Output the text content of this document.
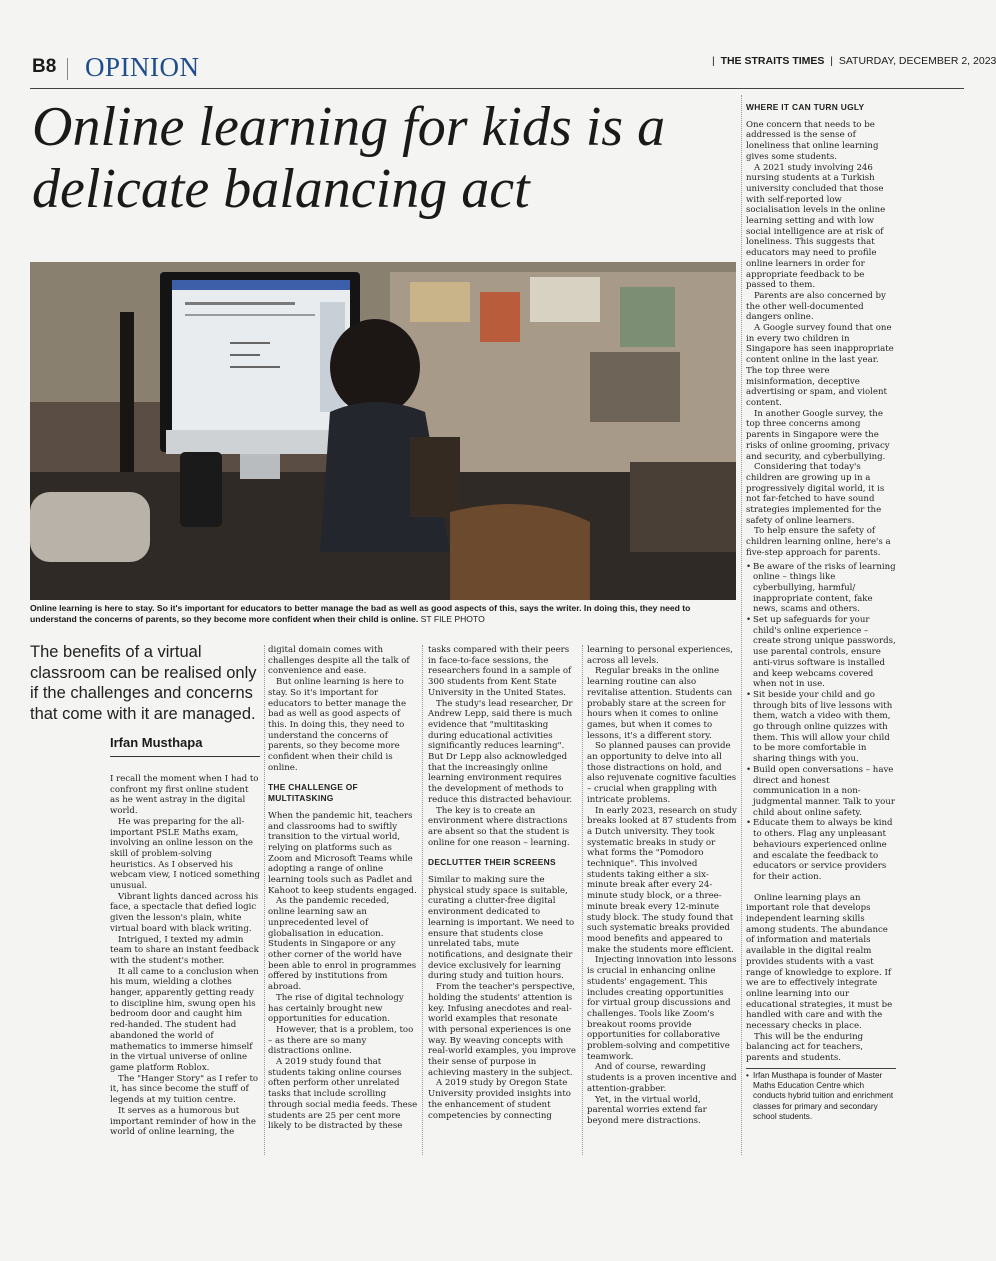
B8 OPINION	|  THE STRAITS TIMES  |  SATURDAY, DECEMBER 2, 2023
Online learning for kids is a delicate balancing act
Online learning is here to stay. So it's important for educators to better manage the bad as well as good aspects of this, says the writer. In doing this, they need to understand the concerns of parents, so they become more confident when their child is online. ST FILE PHOTO
The benefits of a virtual classroom can be realised only if the challenges and concerns that come with it are managed.
Irfan Musthapa

I recall the moment when I had to confront my first online student as he went astray in the digital world.

He was preparing for the all-important PSLE Maths exam, involving an online lesson on the skill of problem-solving heuristics. As I observed his webcam view, I noticed something unusual.

Vibrant lights danced across his face, a spectacle that defied logic given the lesson's plain, white virtual board with black writing.

Intrigued, I texted my admin team to share an instant feedback with the student's mother.

It all came to a conclusion when his mum, wielding a clothes hanger, apparently getting ready to discipline him, swung open his bedroom door and caught him red-handed. The student had abandoned the world of mathematics to immerse himself in the virtual universe of online game platform Roblox.

The "Hanger Story" as I refer to it, has since become the stuff of legends at my tuition centre.

It serves as a humorous but important reminder of how in the world of online learning, the

digital domain comes with challenges despite all the talk of convenience and ease.

But online learning is here to stay. So it's important for educators to better manage the bad as well as good aspects of this. In doing this, they need to understand the concerns of parents, so they become more confident when their child is online.

THE CHALLENGE OF MULTITASKING

When the pandemic hit, teachers and classrooms had to swiftly transition to the virtual world, relying on platforms such as Zoom and Microsoft Teams while adopting a range of online learning tools such as Padlet and Kahoot to keep students engaged.

As the pandemic receded, online learning saw an unprecedented level of globalisation in education. Students in Singapore or any other corner of the world have been able to enrol in programmes offered by institutions from abroad.

The rise of digital technology has certainly brought new opportunities for education.

However, that is a problem, too – as there are so many distractions online.

A 2019 study found that students taking online courses often perform other unrelated tasks that include scrolling through social media feeds. These students are 25 per cent more likely to be distracted by these

tasks compared with their peers in face-to-face sessions, the researchers found in a sample of 300 students from Kent State University in the United States.

The study's lead researcher, Dr Andrew Lepp, said there is much evidence that "multitasking during educational activities significantly reduces learning". But Dr Lepp also acknowledged that the increasingly online learning environment requires the development of methods to reduce this distracted behaviour.

The key is to create an environment where distractions are absent so that the student is online for one reason – learning.

DECLUTTER THEIR SCREENS

Similar to making sure the physical study space is suitable, curating a clutter-free digital environment dedicated to learning is important. We need to ensure that students close unrelated tabs, mute notifications, and designate their device exclusively for learning during study and tuition hours.

From the teacher's perspective, holding the students' attention is key. Infusing anecdotes and real-world examples that resonate with personal experiences is one way. By weaving concepts with real-world examples, you improve their sense of purpose in achieving mastery in the subject.

A 2019 study by Oregon State University provided insights into the enhancement of student competencies by connecting

learning to personal experiences, across all levels.

Regular breaks in the online learning routine can also revitalise attention. Students can probably stare at the screen for hours when it comes to online games, but when it comes to lessons, it's a different story.

So planned pauses can provide an opportunity to delve into all those distractions on hold, and also rejuvenate cognitive faculties – crucial when grappling with intricate problems.

In early 2023, research on study breaks looked at 87 students from a Dutch university. They took systematic breaks in study or what forms the "Pomodoro technique". This involved students taking either a six-minute break after every 24-minute study block, or a three-minute break every 12-minute study block. The study found that such systematic breaks provided mood benefits and appeared to make the students more efficient.

Injecting innovation into lessons is crucial in enhancing online students' engagement. This includes creating opportunities for virtual group discussions and challenges. Tools like Zoom's breakout rooms provide opportunities for collaborative problem-solving and competitive teamwork.

And of course, rewarding students is a proven incentive and attention-grabber.

Yet, in the virtual world, parental worries extend far beyond mere distractions.

WHERE IT CAN TURN UGLY

One concern that needs to be addressed is the sense of loneliness that online learning gives some students.

A 2021 study involving 246 nursing students at a Turkish university concluded that those with self-reported low socialisation levels in the online learning setting and with low social intelligence are at risk of loneliness. This suggests that educators may need to profile online learners in order for appropriate feedback to be passed to them.

Parents are also concerned by the other well-documented dangers online.

A Google survey found that one in every two children in Singapore has seen inappropriate content online in the last year. The top three were misinformation, deceptive advertising or spam, and violent content.

In another Google survey, the top three concerns among parents in Singapore were the risks of online grooming, privacy and security, and cyberbullying.

Considering that today's children are growing up in a progressively digital world, it is not far-fetched to have sound strategies implemented for the safety of online learners.

To help ensure the safety of children learning online, here's a five-step approach for parents.

• Be aware of the risks of learning online – things like cyberbullying, harmful/ inappropriate content, fake news, scams and others.
• Set up safeguards for your child's online experience – create strong unique passwords, use parental controls, ensure anti-virus software is installed and keep webcams covered when not in use.
• Sit beside your child and go through bits of live lessons with them, watch a video with them, go through online quizzes with them. This will allow your child to be more comfortable in sharing things with you.
• Build open conversations – have direct and honest communication in a non-judgmental manner. Talk to your child about online safety.
• Educate them to always be kind to others. Flag any unpleasant behaviours experienced online and escalate the feedback to educators or service providers for their action.

Online learning plays an important role that develops independent learning skills among students. The abundance of information and materials available in the digital realm provides students with a vast range of knowledge to explore. If we are to effectively integrate online learning into our educational strategies, it must be handled with care and with the necessary checks in place.

This will be the enduring balancing act for teachers, parents and students.

• Irfan Musthapa is founder of Master Maths Education Centre which conducts hybrid tuition and enrichment classes for primary and secondary school students.
